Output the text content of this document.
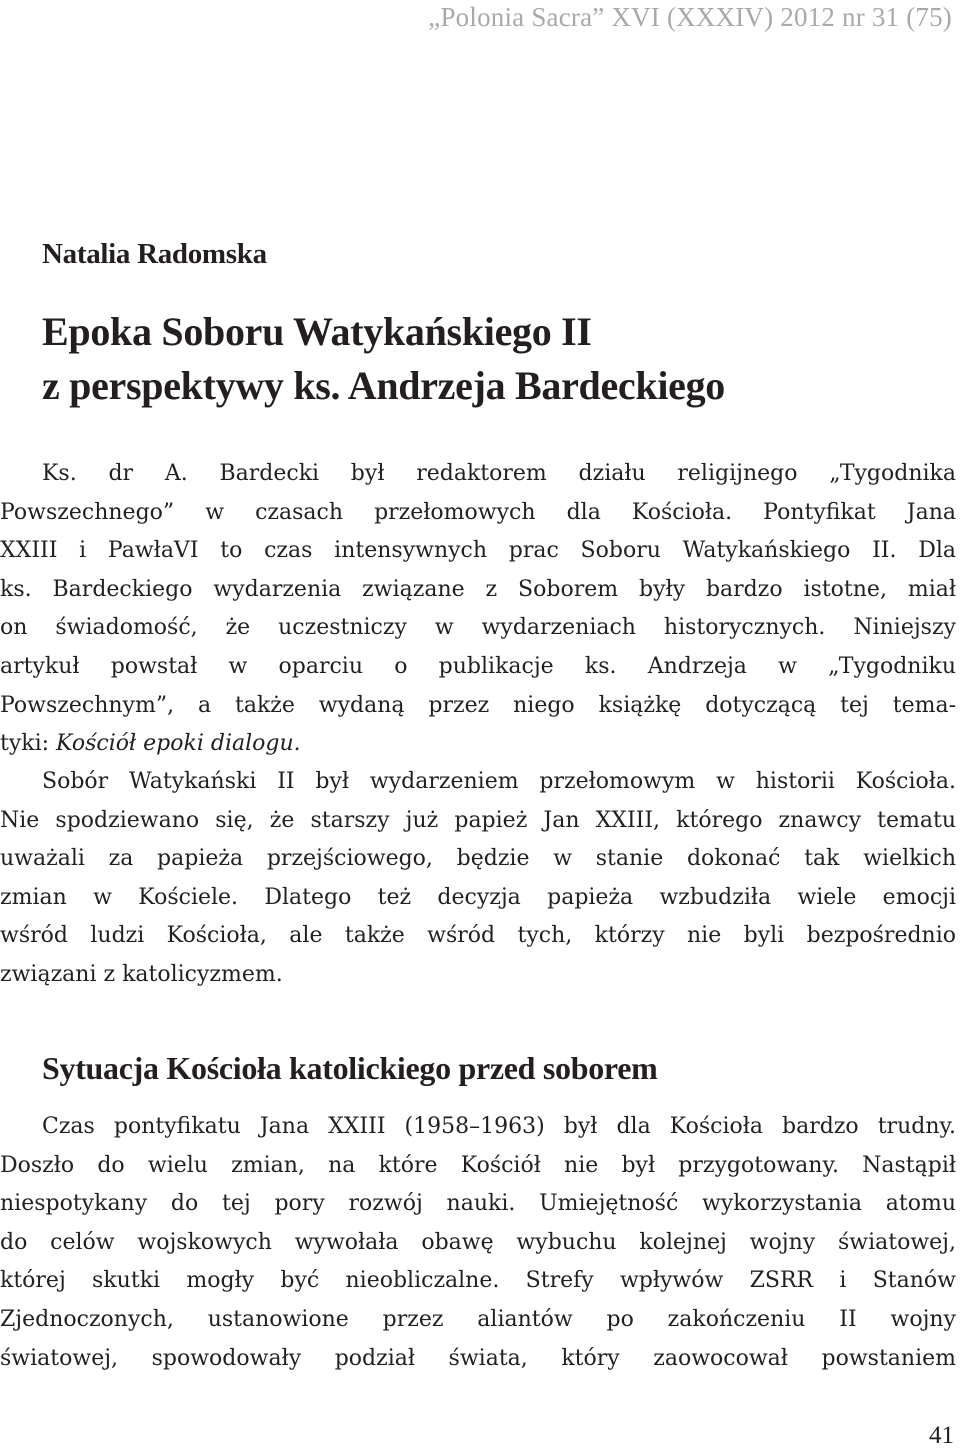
„Polonia Sacra” XVI (XXXIV) 2012 nr 31 (75)
Natalia Radomska
Epoka Soboru Watykańskiego II
z perspektywy ks. Andrzeja Bardeckiego
Ks. dr A. Bardecki był redaktorem działu religijnego „Tygodnika
Powszechnego” w czasach przełomowych dla Kościoła. Pontyfikat Jana
XXIII i PawłaVI to czas intensywnych prac Soboru Watykańskiego II. Dla
ks. Bardeckiego wydarzenia związane z Soborem były bardzo istotne, miał
on świadomość, że uczestniczy w wydarzeniach historycznych. Niniejszy
artykuł powstał w oparciu o publikacje ks. Andrzeja w „Tygodniku
Powszechnym”, a także wydaną przez niego książkę dotyczącą tej tema-
tyki: Kościół epoki dialogu.
Sobór Watykański II był wydarzeniem przełomowym w historii Kościoła.
Nie spodziewano się, że starszy już papież Jan XXIII, którego znawcy tematu
uważali za papieża przejściowego, będzie w stanie dokonać tak wielkich
zmian w Kościele. Dlatego też decyzja papieża wzbudziła wiele emocji
wśród ludzi Kościoła, ale także wśród tych, którzy nie byli bezpośrednio
związani z katolicyzmem.
Sytuacja Kościoła katolickiego przed soborem
Czas pontyfikatu Jana XXIII (1958–1963) był dla Kościoła bardzo trudny.
Doszło do wielu zmian, na które Kościół nie był przygotowany. Nastąpił
niespotykany do tej pory rozwój nauki. Umiejętność wykorzystania atomu
do celów wojskowych wywołała obawę wybuchu kolejnej wojny światowej,
której skutki mogły być nieobliczalne. Strefy wpływów ZSRR i Stanów
Zjednoczonych, ustanowione przez aliantów po zakończeniu II wojny
światowej, spowodowały podział świata, który zaowocował powstaniem
41
